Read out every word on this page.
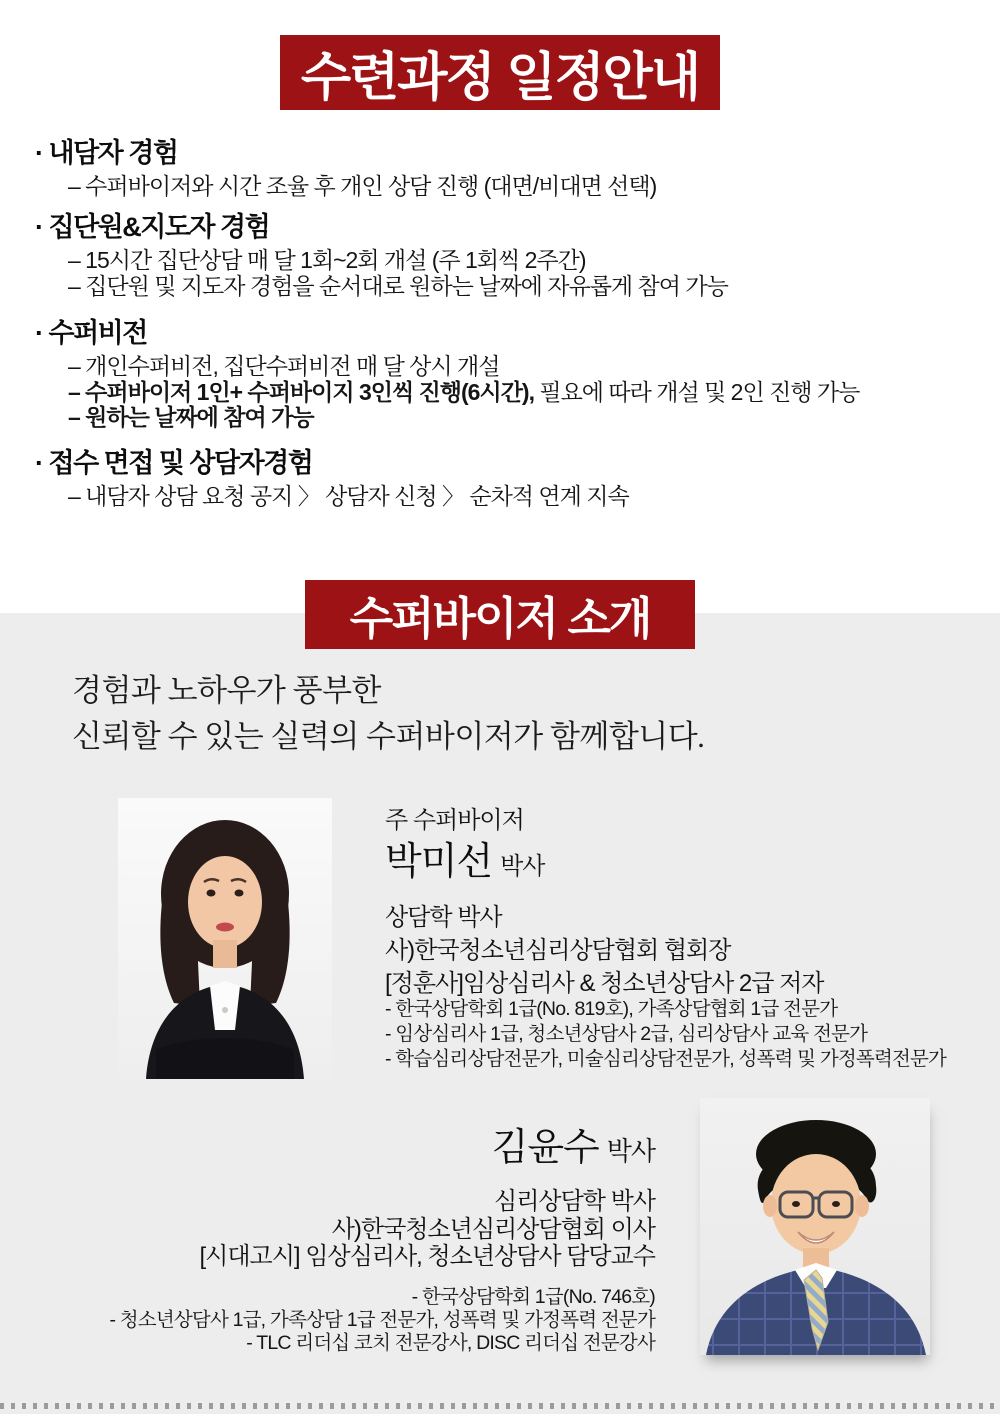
수련과정 일정안내
· 내담자 경험
– 수퍼바이저와 시간 조율 후 개인 상담 진행 (대면/비대면 선택)
· 집단원&지도자 경험
– 15시간 집단상담 매 달 1회~2회 개설 (주 1회씩 2주간)
– 집단원 및 지도자 경험을 순서대로 원하는 날짜에 자유롭게 참여 가능
· 수퍼비전
– 개인수퍼비전, 집단수퍼비전 매 달 상시 개설
– 수퍼바이저 1인+ 수퍼바이지 3인씩 진행(6시간), 필요에 따라 개설 및 2인 진행 가능
– 원하는 날짜에 참여 가능
· 접수 면접 및 상담자경험
– 내담자 상담 요청 공지 〉 상담자 신청 〉 순차적 연계 지속
수퍼바이저 소개
경험과 노하우가 풍부한
신뢰할 수 있는 실력의 수퍼바이저가 함께합니다.
주 수퍼바이저
박미선 박사
상담학 박사
사)한국청소년심리상담협회 협회장
[정훈사]임상심리사 & 청소년상담사 2급 저자
- 한국상담학회 1급(No. 819호), 가족상담협회 1급 전문가
- 임상심리사 1급, 청소년상담사 2급, 심리상담사 교육 전문가
- 학습심리상담전문가, 미술심리상담전문가, 성폭력 및 가정폭력전문가
김윤수 박사
심리상담학 박사
사)한국청소년심리상담협회 이사
[시대고시] 임상심리사, 청소년상담사 담당교수
- 한국상담학회 1급(No. 746호)
- 청소년상담사 1급, 가족상담 1급 전문가, 성폭력 및 가정폭력 전문가
- TLC 리더십 코치 전문강사, DISC 리더십 전문강사
